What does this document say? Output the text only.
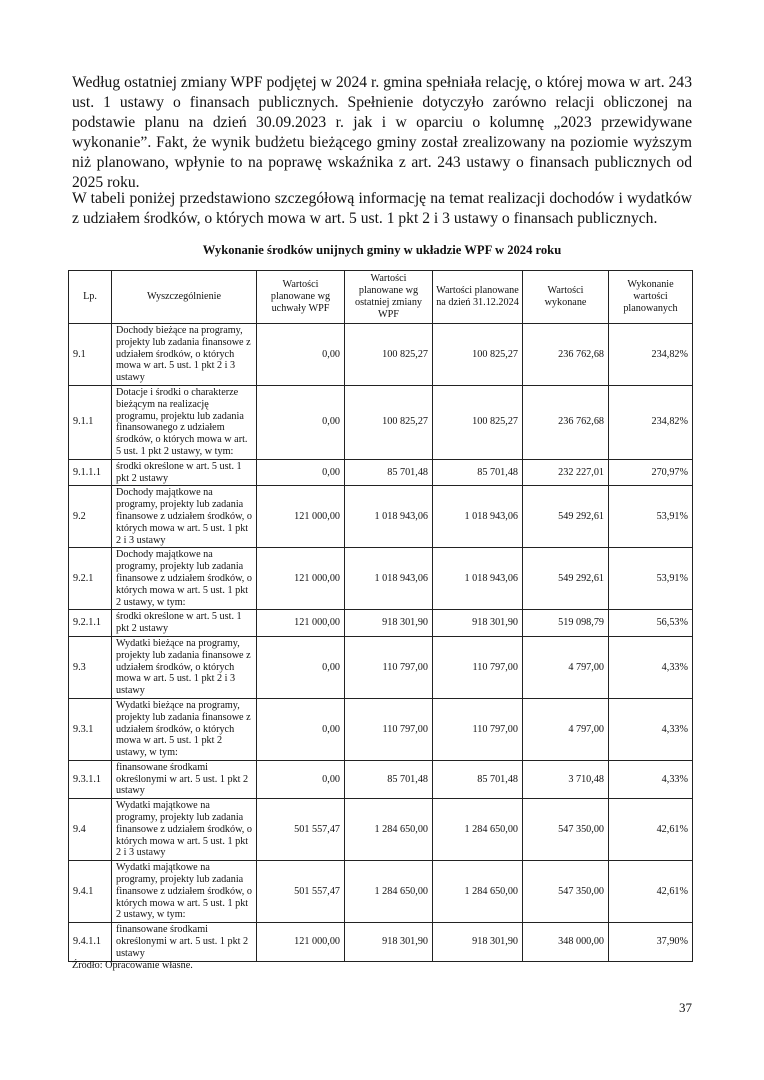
Według ostatniej zmiany WPF podjętej w 2024 r. gmina spełniała relację, o której mowa w art. 243 ust. 1 ustawy o finansach publicznych. Spełnienie dotyczyło zarówno relacji obliczonej na podstawie planu na dzień 30.09.2023 r. jak i w oparciu o kolumnę „2023 przewidywane wykonanie”. Fakt, że wynik budżetu bieżącego gminy został zrealizowany na poziomie wyższym niż planowano, wpłynie to na poprawę wskaźnika z art. 243 ustawy o finansach publicznych od 2025 roku.

W tabeli poniżej przedstawiono szczegółową informację na temat realizacji dochodów i wydatków z udziałem środków, o których mowa w art. 5 ust. 1 pkt 2 i 3 ustawy o finansach publicznych.

Wykonanie środków unijnych gminy w układzie WPF w 2024 roku

Lp.	Wyszczególnienie	Wartości planowane wg uchwały WPF	Wartości planowane wg ostatniej zmiany WPF	Wartości planowane na dzień 31.12.2024	Wartości wykonane	Wykonanie wartości planowanych
9.1	Dochody bieżące na programy, projekty lub zadania finansowe z udziałem środków, o których mowa w art. 5 ust. 1 pkt 2 i 3 ustawy	0,00	100 825,27	100 825,27	236 762,68	234,82%
9.1.1	Dotacje i środki o charakterze bieżącym na realizację programu, projektu lub zadania finansowanego z udziałem środków, o których mowa w art. 5 ust. 1 pkt 2 ustawy, w tym:	0,00	100 825,27	100 825,27	236 762,68	234,82%
9.1.1.1	środki określone w art. 5 ust. 1 pkt 2 ustawy	0,00	85 701,48	85 701,48	232 227,01	270,97%
9.2	Dochody majątkowe na programy, projekty lub zadania finansowe z udziałem środków, o których mowa w art. 5 ust. 1 pkt 2 i 3 ustawy	121 000,00	1 018 943,06	1 018 943,06	549 292,61	53,91%
9.2.1	Dochody majątkowe na programy, projekty lub zadania finansowe z udziałem środków, o których mowa w art. 5 ust. 1 pkt 2 ustawy, w tym:	121 000,00	1 018 943,06	1 018 943,06	549 292,61	53,91%
9.2.1.1	środki określone w art. 5 ust. 1 pkt 2 ustawy	121 000,00	918 301,90	918 301,90	519 098,79	56,53%
9.3	Wydatki bieżące na programy, projekty lub zadania finansowe z udziałem środków, o których mowa w art. 5 ust. 1 pkt 2 i 3 ustawy	0,00	110 797,00	110 797,00	4 797,00	4,33%
9.3.1	Wydatki bieżące na programy, projekty lub zadania finansowe z udziałem środków, o których mowa w art. 5 ust. 1 pkt 2 ustawy, w tym:	0,00	110 797,00	110 797,00	4 797,00	4,33%
9.3.1.1	finansowane środkami określonymi w art. 5 ust. 1 pkt 2 ustawy	0,00	85 701,48	85 701,48	3 710,48	4,33%
9.4	Wydatki majątkowe na programy, projekty lub zadania finansowe z udziałem środków, o których mowa w art. 5 ust. 1 pkt 2 i 3 ustawy	501 557,47	1 284 650,00	1 284 650,00	547 350,00	42,61%
9.4.1	Wydatki majątkowe na programy, projekty lub zadania finansowe z udziałem środków, o których mowa w art. 5 ust. 1 pkt 2 ustawy, w tym:	501 557,47	1 284 650,00	1 284 650,00	547 350,00	42,61%
9.4.1.1	finansowane środkami określonymi w art. 5 ust. 1 pkt 2 ustawy	121 000,00	918 301,90	918 301,90	348 000,00	37,90%

Źródło: Opracowanie własne.

37
